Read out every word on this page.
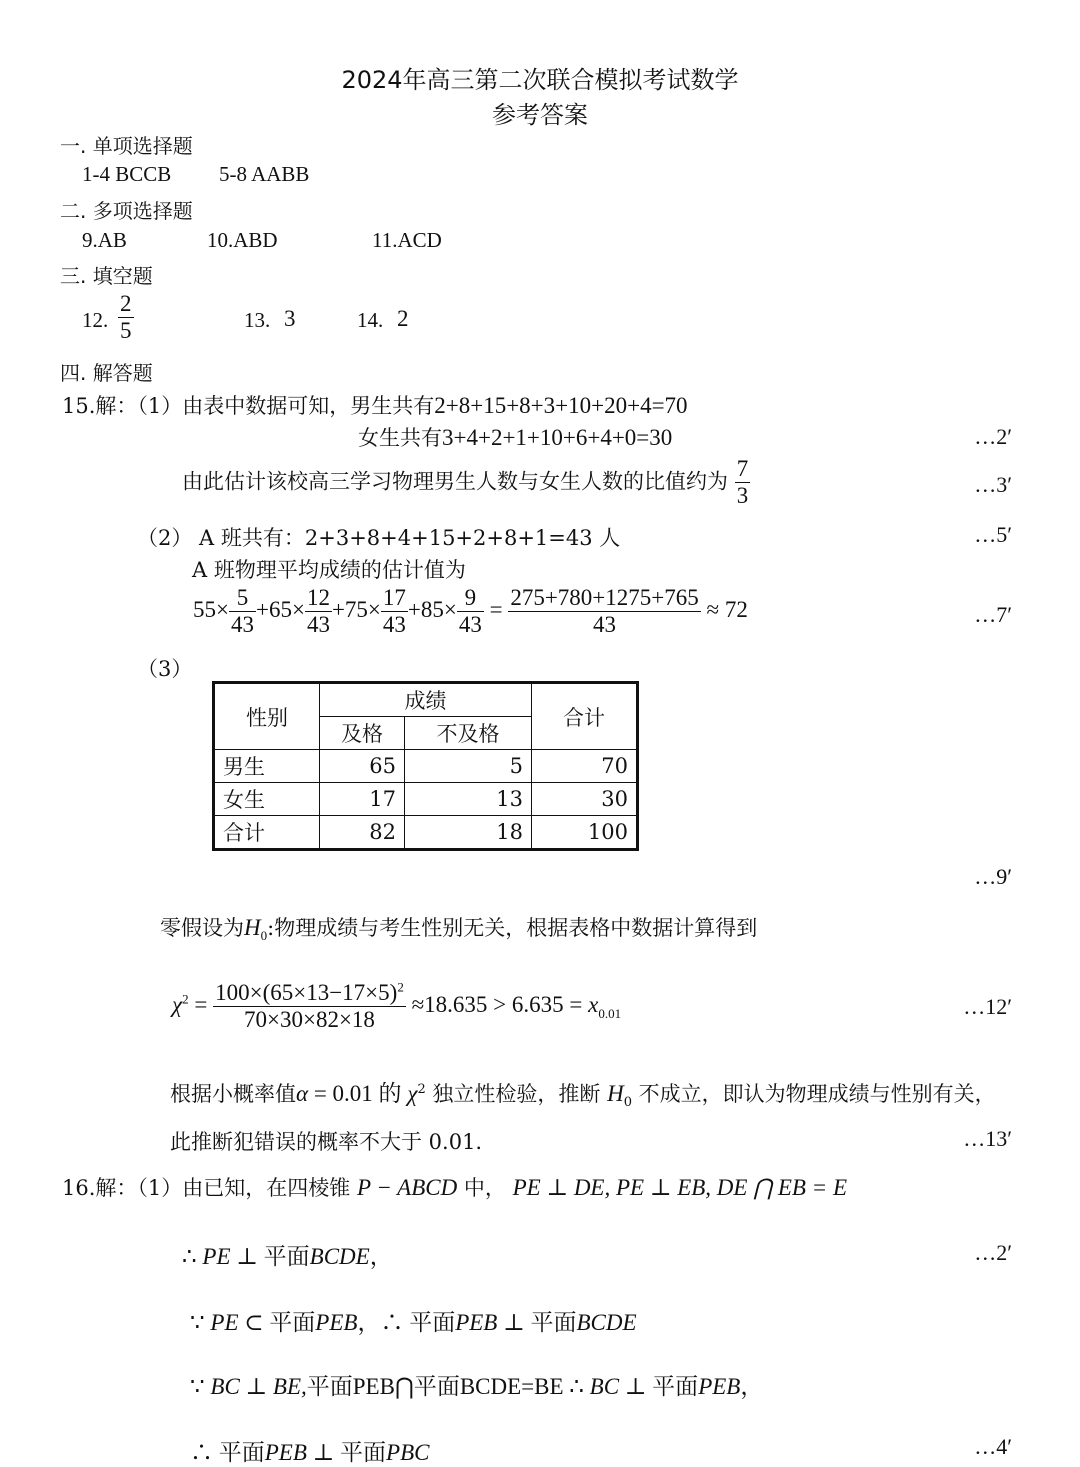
2024年高三第二次联合模拟考试数学
参考答案
一. 单项选择题
1-4 BCCB 5-8 AABB
二. 多项选择题
9.AB	10.ABD	11.ACD
三. 填空题
12. $\frac{2}{5}$	13. 3	14. 2
四. 解答题
15.解：（1）由表中数据可知，男生共有2+8+15+8+3+10+20+4=70
女生共有3+4+2+1+10+6+4+0=30	…2′
由此估计该校高三学习物理男生人数与女生人数的比值约为 $\frac{7}{3}$	…3′
（2） A 班共有：2+3+8+4+15+2+8+1=43 人	…5′
A 班物理平均成绩的估计值为
$55\times \frac{5}{43} +65\times \frac{12}{43} +75\times \frac{17}{43} +85\times \frac{9}{43} = \frac{275+780+1275+765}{43} \approx 72$	…7′
（3）
性别	成绩		合计
	及格	不及格	
男生	65	5	70
女生	17	13	30
合计	82	18	100
…9′
零假设为$H_0$:物理成绩与考生性别无关，根据表格中数据计算得到
$\chi^2 = \frac{100\times(65\times 13-17\times 5)^2}{70\times 30\times 82\times 18} \approx 18.635 > 6.635 = x_{0.01}$	…12′
根据小概率值α = 0.01 的 $\chi^2$ 独立性检验，推断 $H_0$ 不成立，即认为物理成绩与性别有关，
此推断犯错误的概率不大于 0.01.	…13′
16.解：（1）由已知，在四棱锥 P − ABCD 中， PE ⊥ DE, PE ⊥ EB, DE ⋂ EB = E
∴ PE ⊥ 平面BCDE，	…2′
∵ PE ⊂ 平面PEB，∴ 平面PEB ⊥ 平面BCDE
∵ BC ⊥ BE,平面PEB⋂平面BCDE=BE ∴ BC ⊥ 平面PEB，
∴ 平面PEB ⊥ 平面PBC	…4′
